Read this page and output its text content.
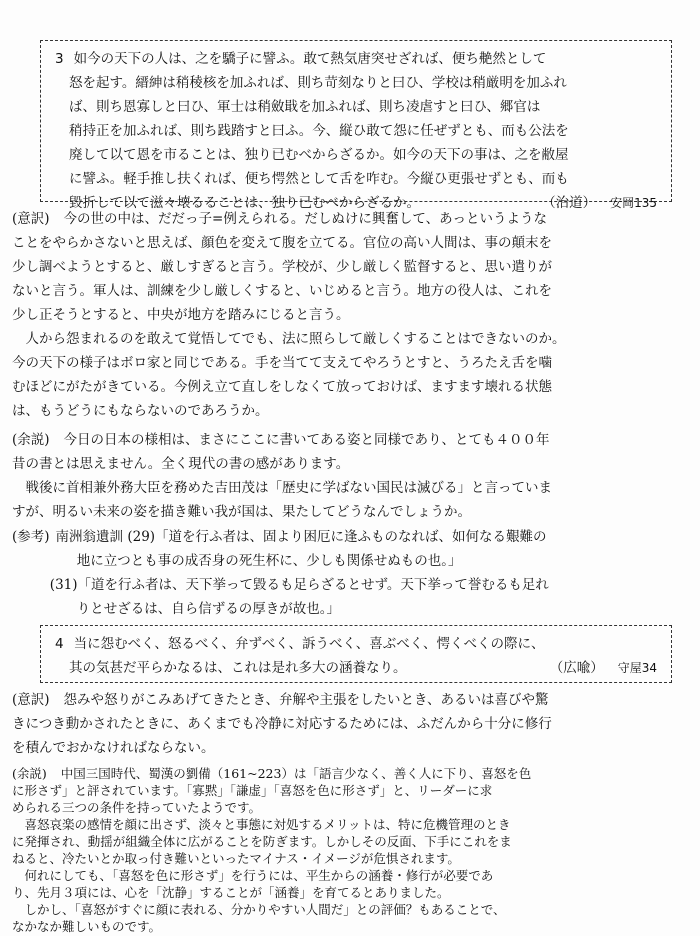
3 如今の天下の人は、之を驕子に譬ふ。敢て熱気唐突せざれば、便ち艴然として

怒を起す。縉紳は稍稜核を加ふれば、則ち苛刻なりと曰ひ、学校は稍厳明を加ふれ

ば、則ち恩寡しと曰ひ、軍士は稍斂戢を加ふれば、則ち凌虐すと曰ひ、郷官は

稍持正を加ふれば、則ち践踏すと曰ふ。今、縦ひ敢て怨に任ぜずとも、而も公法を

廃して以て恩を市ることは、独り已むべからざるか。如今の天下の事は、之を敝屋

に譬ふ。軽手推し扶くれば、便ち愕然として舌を咋む。今縦ひ更張せずとも、而も

毀折して以て滋々壊るることは、独り已むべからざるか。	（治道） 安岡135

(意訳) 今の世の中は、だだっ子=例えられる。だしぬけに興奮して、あっというような

ことをやらかさないと思えば、顔色を変えて腹を立てる。官位の高い人間は、事の顛末を

少し調べようとすると、厳しすぎると言う。学校が、少し厳しく監督すると、思い遣りが

ないと言う。軍人は、訓練を少し厳しくすると、いじめると言う。地方の役人は、これを

少し正そうとすると、中央が地方を踏みにじると言う。

人から怨まれるのを敢えて覚悟してでも、法に照らして厳しくすることはできないのか。

今の天下の様子はボロ家と同じである。手を当てて支えてやろうとすと、うろたえ舌を噛

むほどにがたがきている。今例え立て直しをしなくて放っておけば、ますます壊れる状態

は、もうどうにもならないのであろうか。

(余説) 今日の日本の様相は、まさにここに書いてある姿と同様であり、とても４００年

昔の書とは思えません。全く現代の書の感があります。

戦後に首相兼外務大臣を務めた吉田茂は「歴史に学ばない国民は滅びる」と言っていま

すが、明るい未来の姿を描き難い我が国は、果たしてどうなんでしょうか。

(参考) 南洲翁遺訓 (29)「道を行ふ者は、固より困厄に逢ふものなれば、如何なる艱難の

地に立つとも事の成否身の死生杯に、少しも関係せぬもの也。」

(31)「道を行ふ者は、天下挙って毀るも足らざるとせず。天下挙って誉むるも足れ

りとせざるは、自ら信ずるの厚きが故也。」

4 当に怨むべく、怒るべく、弁ずべく、訴うべく、喜ぶべく、愕くべくの際に、

其の気甚だ平らかなるは、これは是れ多大の涵養なり。	（広喩） 守屋34

(意訳) 怨みや怒りがこみあげてきたとき、弁解や主張をしたいとき、あるいは喜びや驚

きにつき動かされたときに、あくまでも冷静に対応するためには、ふだんから十分に修行

を積んでおかなければならない。

(余説) 中国三国時代、蜀漢の劉備（161~223）は「語言少なく、善く人に下り、喜怒を色

に形さず」と評されています。「寡黙」「謙虚」「喜怒を色に形さず」と、リーダーに求

められる三つの条件を持っていたようです。

喜怒哀楽の感情を顔に出さず、淡々と事態に対処するメリットは、特に危機管理のとき

に発揮され、動揺が組織全体に広がることを防ぎます。しかしその反面、下手にこれをま

ねると、冷たいとか取っ付き難いといったマイナス・イメージが危惧されます。

何れにしても、「喜怒を色に形さず」を行うには、平生からの涵養・修行が必要であ

り、先月３項には、心を「沈静」することが「涵養」を育てるとありました。

しかし、「喜怒がすぐに顔に表れる、分かりやすい人間だ」との評価？もあることで、

なかなか難しいものです。
